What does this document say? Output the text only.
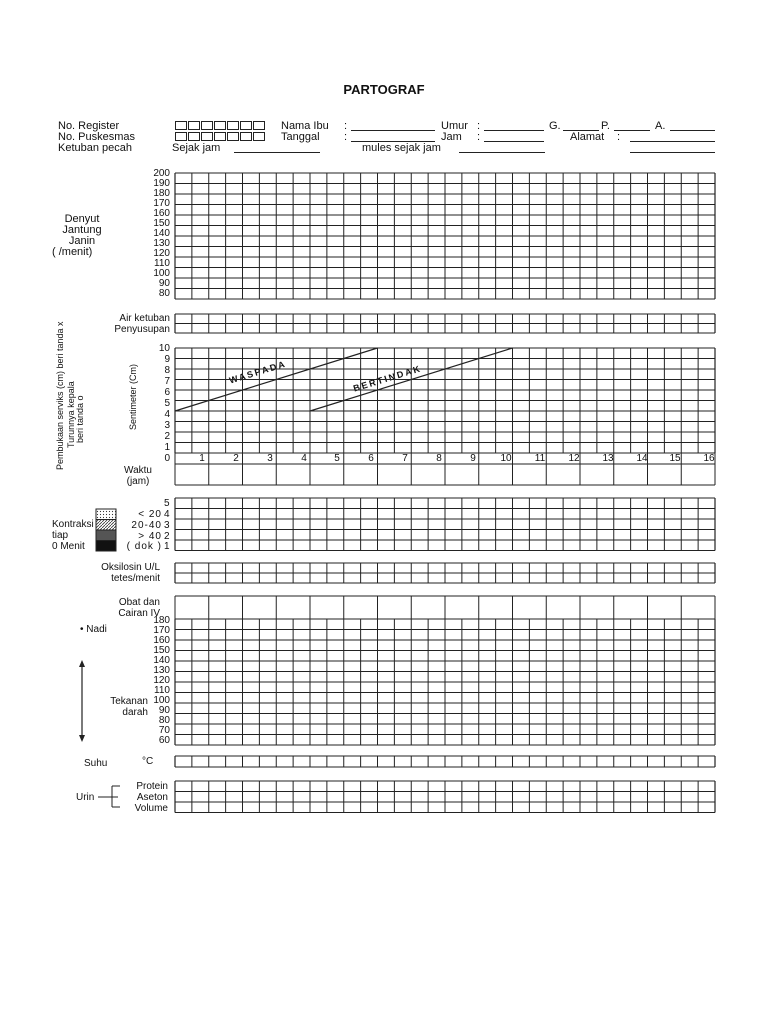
PARTOGRAF
No. Register
No. Puskesmas
Ketuban pecah	Sejak jam
Nama Ibu
Tanggal
:
:
mules sejak jam
Umur :
Jam :
G.	P.	A.
Alamat :
Denyut
Jantung
Janin
( /menit)
200
190
180
170
160
150
140
130
120
110
100
90
80
Air ketuban
Penyusupan
Pembukaan serviks (cm) beri tanda x Turunnya kepala beri tanda o	Sentimeter (Cm)
10
9
8
7
6
5
4
3
2
1
0	1	2	3	4	5	6	7	8	9	10	11	12	13	14	15	16
WASPADA	BERTINDAK
Waktu
(jam)
Kontraksi
tiap
0 Menit
< 20
20-40
> 40
( dok )
5
4
3
2
1
Oksilosin U/L
tetes/menit
Obat dan
Cairan IV
• Nadi
180
170
160
150
140
130
120
110
100
90
80
70
60
Tekanan
darah
Suhu	°C
Urin
Protein
Aseton
Volume
